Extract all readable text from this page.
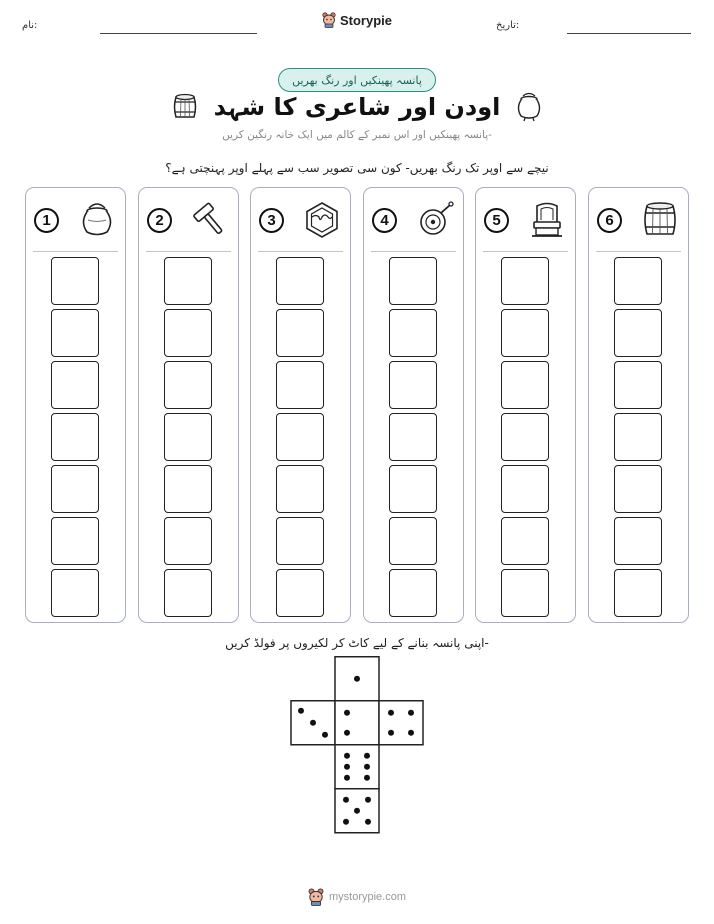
نام:	تاریخ:
Storypie
پانسہ پھینکیں اور رنگ بھریں
اودن اور شاعری کا شہد
پانسہ پھینکیں اور اس نمبر کے کالم میں ایک خانہ رنگین کریں-
نیچے سے اوپر تک رنگ بھریں- کون سی تصویر سب سے پہلے اوپر پہنچتی ہے؟
1	2	3	4	5	6
اپنی پانسہ بنانے کے لیے کاٹ کر لکیروں پر فولڈ کریں-
mystorypie.com
